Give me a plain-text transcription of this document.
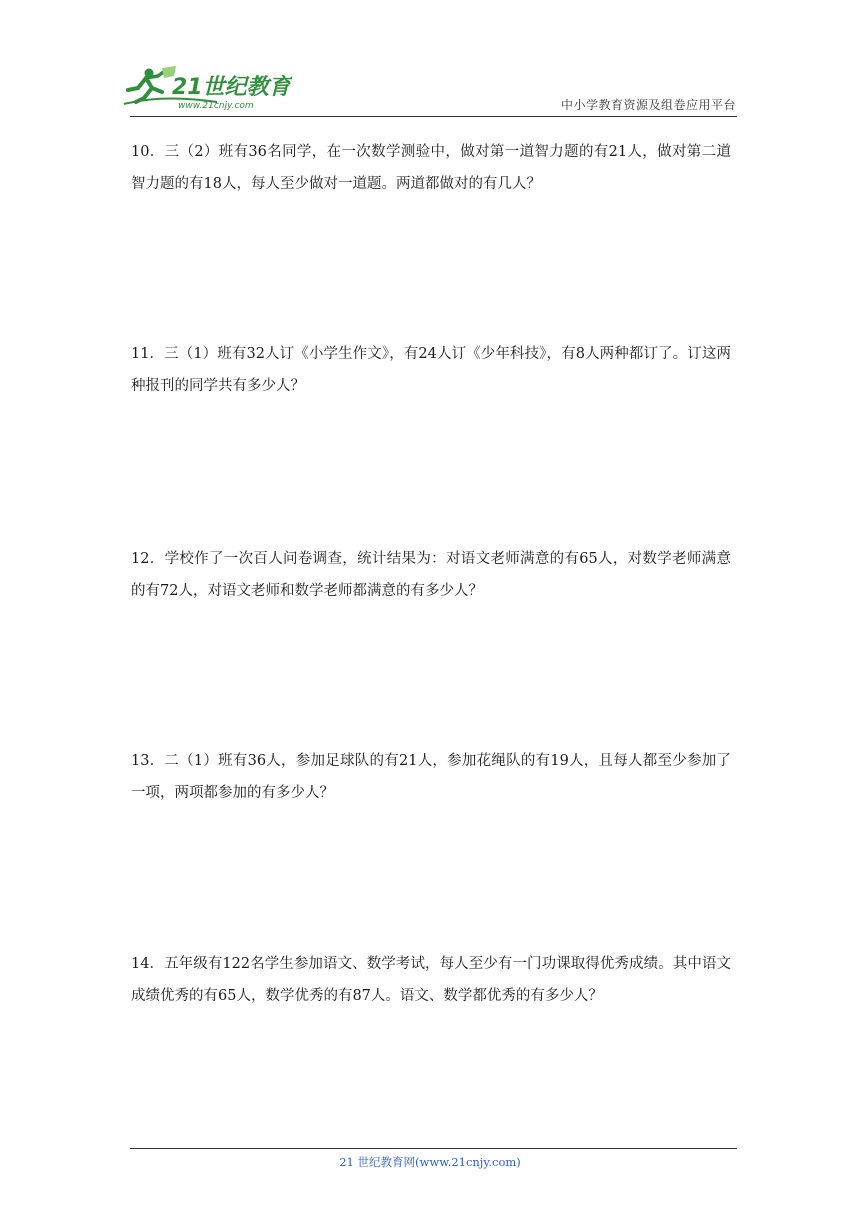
21世纪教育
www.21cnjy.com	中小学教育资源及组卷应用平台
10．三（2）班有36名同学，在一次数学测验中，做对第一道智力题的有21人，做对第二道智力题的有18人，每人至少做对一道题。两道都做对的有几人？
11．三（1）班有32人订《小学生作文》，有24人订《少年科技》，有8人两种都订了。订这两种报刊的同学共有多少人？
12．学校作了一次百人问卷调查，统计结果为：对语文老师满意的有65人，对数学老师满意的有72人，对语文老师和数学老师都满意的有多少人？
13．二（1）班有36人，参加足球队的有21人，参加花绳队的有19人，且每人都至少参加了一项，两项都参加的有多少人？
14．五年级有122名学生参加语文、数学考试，每人至少有一门功课取得优秀成绩。其中语文成绩优秀的有65人，数学优秀的有87人。语文、数学都优秀的有多少人？
21 世纪教育网(www.21cnjy.com)
